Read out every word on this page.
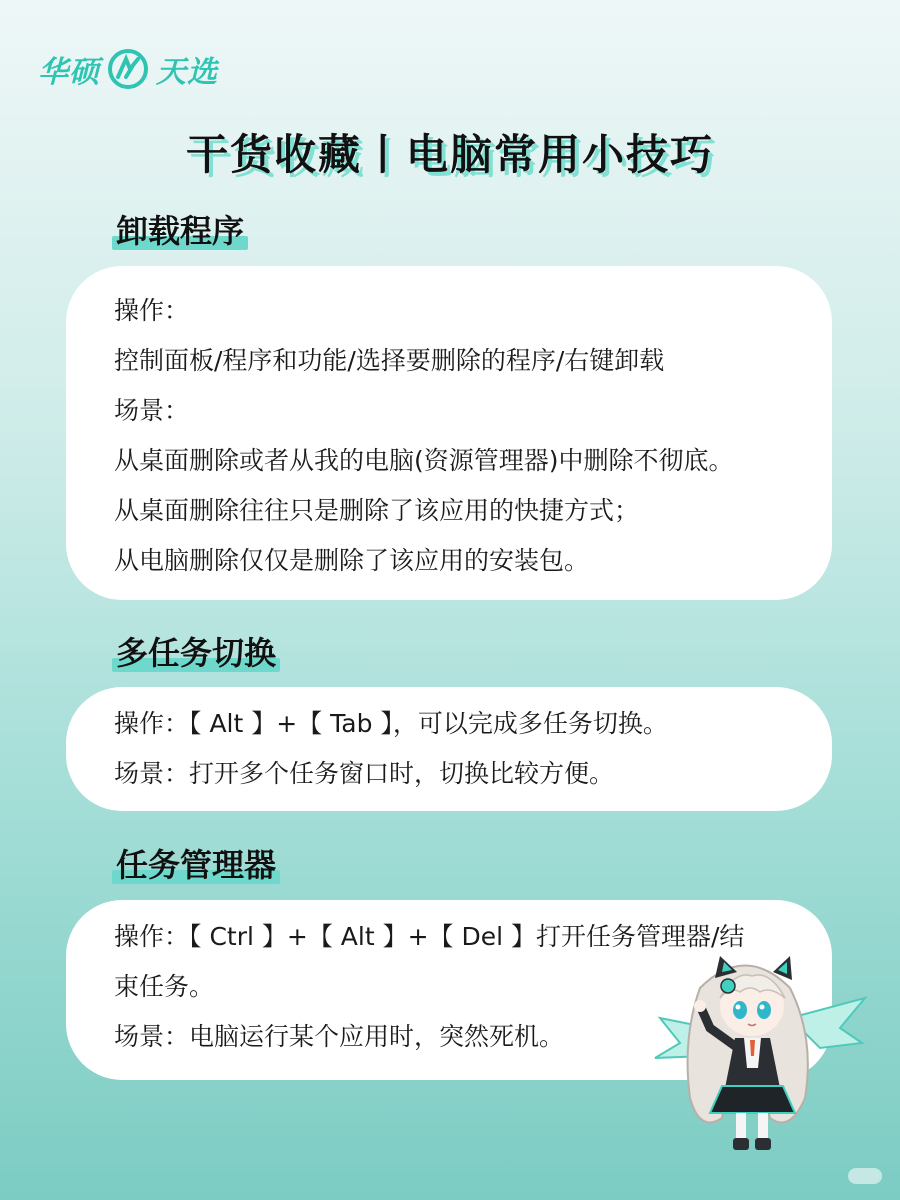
华硕 天选
干货收藏丨电脑常用小技巧
卸载程序
操作：
控制面板/程序和功能/选择要删除的程序/右键卸载
场景：
从桌面删除或者从我的电脑(资源管理器)中删除不彻底。
从桌面删除往往只是删除了该应用的快捷方式；
从电脑删除仅仅是删除了该应用的安装包。
多任务切换
操作：【 Alt 】+【 Tab 】，可以完成多任务切换。
场景：打开多个任务窗口时，切换比较方便。
任务管理器
操作：【 Ctrl 】+【 Alt 】+【 Del 】打开任务管理器/结
束任务。
场景：电脑运行某个应用时，突然死机。
